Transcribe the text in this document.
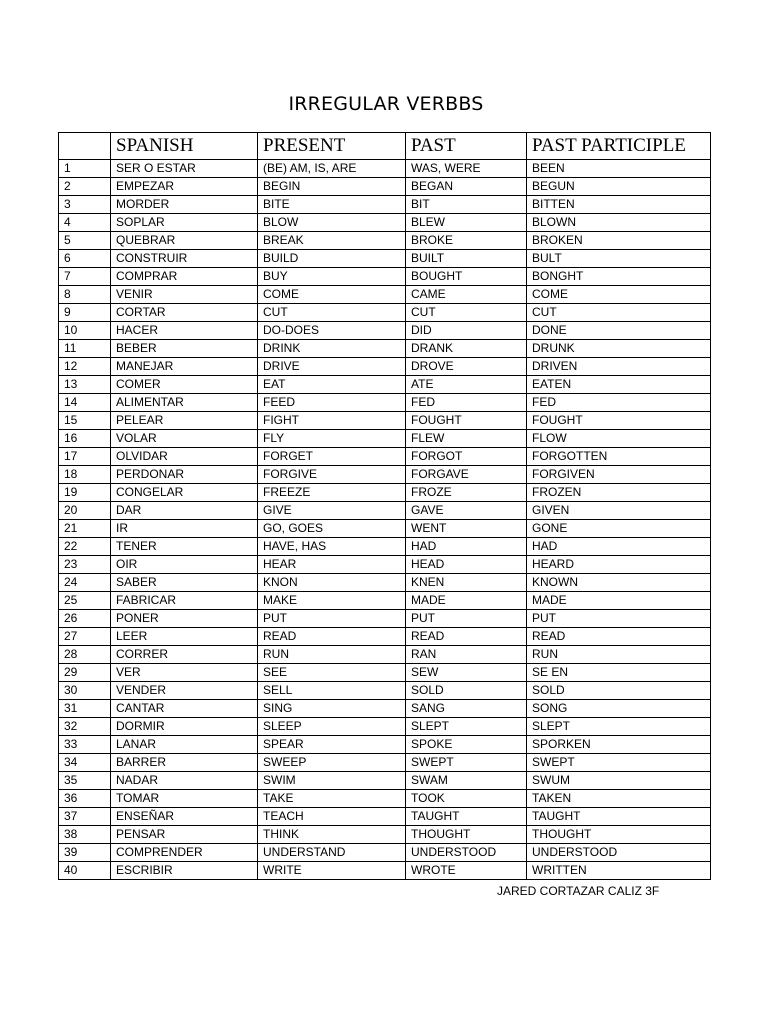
IRREGULAR VERBBS
	SPANISH	PRESENT	PAST	PAST PARTICIPLE
1	SER O ESTAR	(BE) AM, IS, ARE	WAS, WERE	BEEN
2	EMPEZAR	BEGIN	BEGAN	BEGUN
3	MORDER	BITE	BIT	BITTEN
4	SOPLAR	BLOW	BLEW	BLOWN
5	QUEBRAR	BREAK	BROKE	BROKEN
6	CONSTRUIR	BUILD	BUILT	BULT
7	COMPRAR	BUY	BOUGHT	BONGHT
8	VENIR	COME	CAME	COME
9	CORTAR	CUT	CUT	CUT
10	HACER	DO-DOES	DID	DONE
11	BEBER	DRINK	DRANK	DRUNK
12	MANEJAR	DRIVE	DROVE	DRIVEN
13	COMER	EAT	ATE	EATEN
14	ALIMENTAR	FEED	FED	FED
15	PELEAR	FIGHT	FOUGHT	FOUGHT
16	VOLAR	FLY	FLEW	FLOW
17	OLVIDAR	FORGET	FORGOT	FORGOTTEN
18	PERDONAR	FORGIVE	FORGAVE	FORGIVEN
19	CONGELAR	FREEZE	FROZE	FROZEN
20	DAR	GIVE	GAVE	GIVEN
21	IR	GO, GOES	WENT	GONE
22	TENER	HAVE, HAS	HAD	HAD
23	OIR	HEAR	HEAD	HEARD
24	SABER	KNON	KNEN	KNOWN
25	FABRICAR	MAKE	MADE	MADE
26	PONER	PUT	PUT	PUT
27	LEER	READ	READ	READ
28	CORRER	RUN	RAN	RUN
29	VER	SEE	SEW	SE EN
30	VENDER	SELL	SOLD	SOLD
31	CANTAR	SING	SANG	SONG
32	DORMIR	SLEEP	SLEPT	SLEPT
33	LANAR	SPEAR	SPOKE	SPORKEN
34	BARRER	SWEEP	SWEPT	SWEPT
35	NADAR	SWIM	SWAM	SWUM
36	TOMAR	TAKE	TOOK	TAKEN
37	ENSEÑAR	TEACH	TAUGHT	TAUGHT
38	PENSAR	THINK	THOUGHT	THOUGHT
39	COMPRENDER	UNDERSTAND	UNDERSTOOD	UNDERSTOOD
40	ESCRIBIR	WRITE	WROTE	WRITTEN
JARED CORTAZAR CALIZ 3F
